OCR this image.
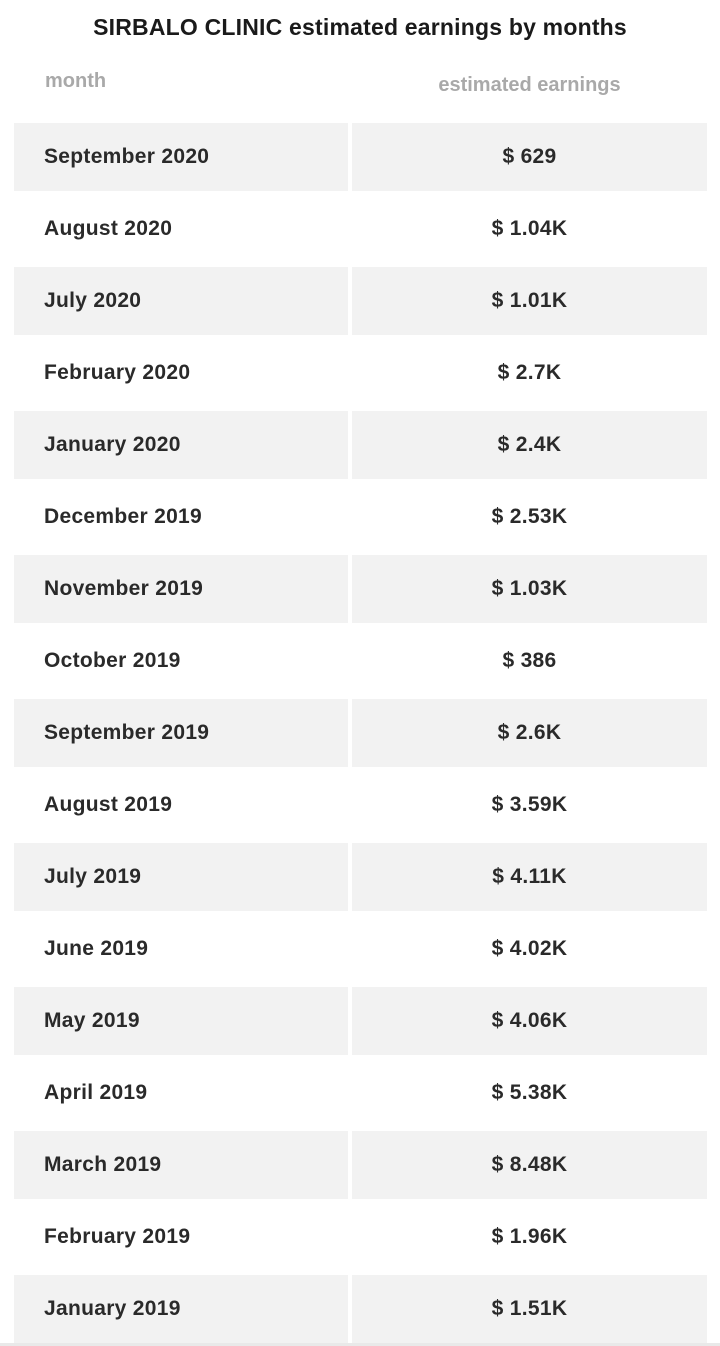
SIRBALO CLINIC estimated earnings by months
month	estimated earnings
September 2020	$ 629
August 2020	$ 1.04K
July 2020	$ 1.01K
February 2020	$ 2.7K
January 2020	$ 2.4K
December 2019	$ 2.53K
November 2019	$ 1.03K
October 2019	$ 386
September 2019	$ 2.6K
August 2019	$ 3.59K
July 2019	$ 4.11K
June 2019	$ 4.02K
May 2019	$ 4.06K
April 2019	$ 5.38K
March 2019	$ 8.48K
February 2019	$ 1.96K
January 2019	$ 1.51K
